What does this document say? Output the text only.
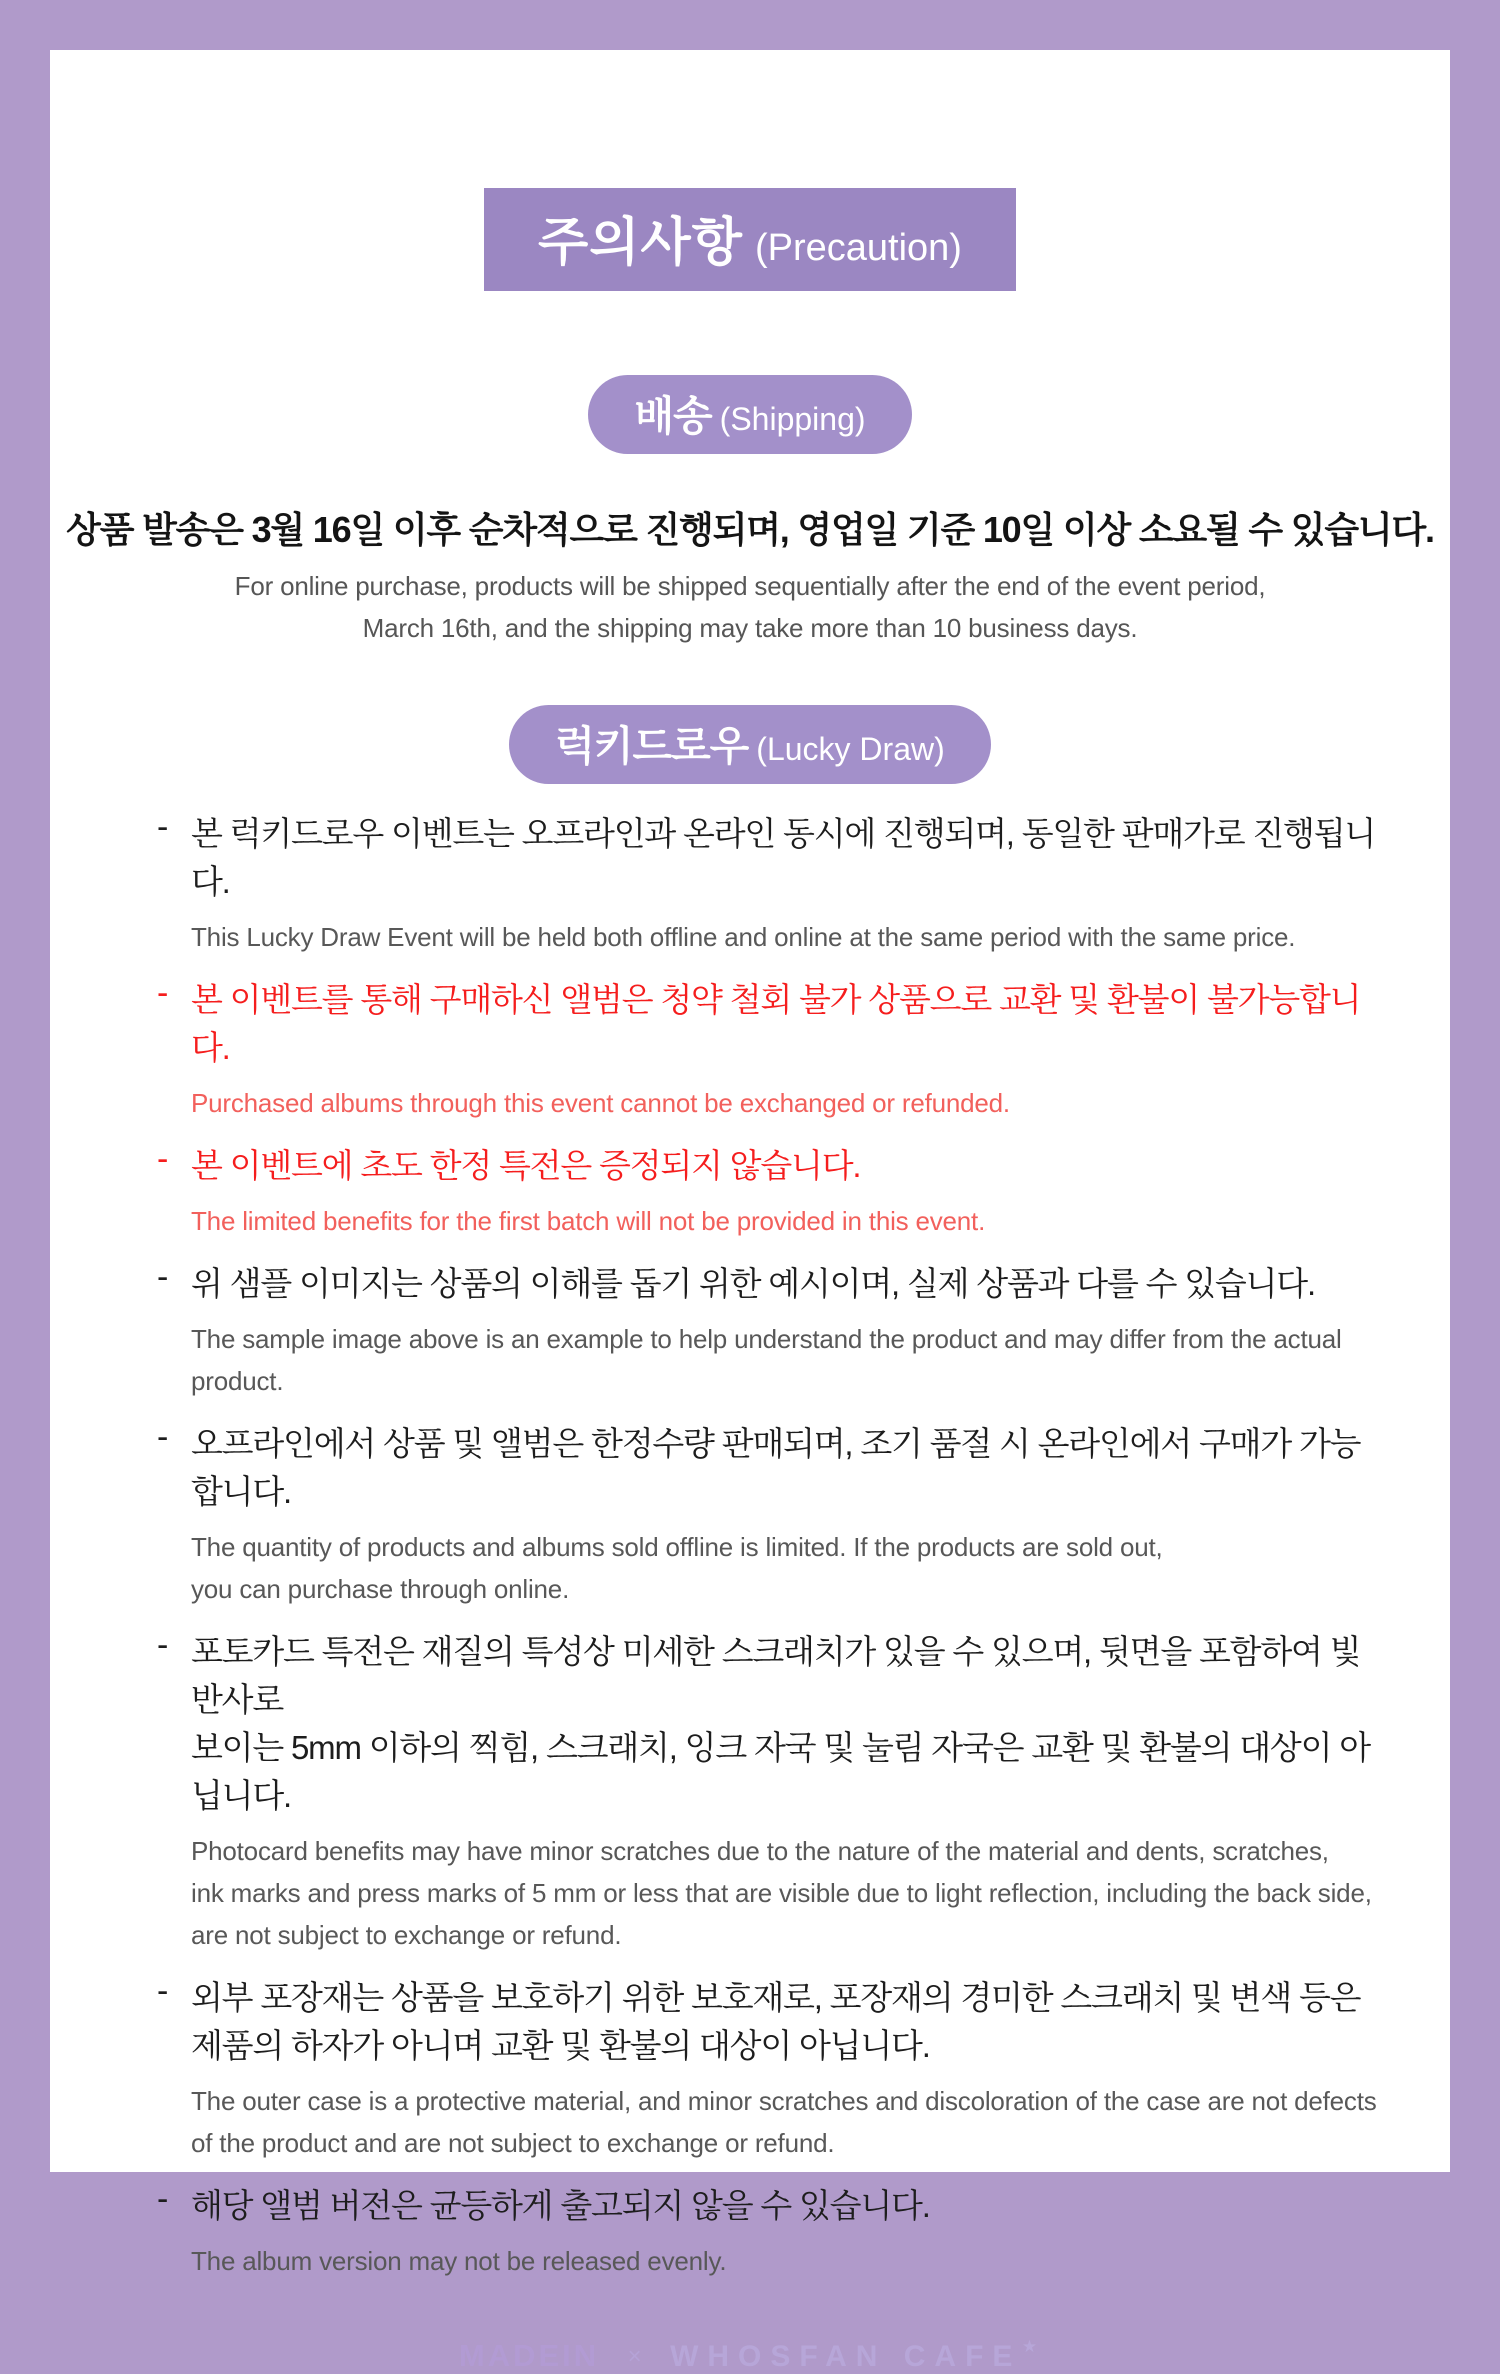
주의사항 (Precaution)
배송 (Shipping)
상품 발송은 3월 16일 이후 순차적으로 진행되며, 영업일 기준 10일 이상 소요될 수 있습니다.
For online purchase, products will be shipped sequentially after the end of the event period,
March 16th, and the shipping may take more than 10 business days.
럭키드로우 (Lucky Draw)
- 본 럭키드로우 이벤트는 오프라인과 온라인 동시에 진행되며, 동일한 판매가로 진행됩니다.
This Lucky Draw Event will be held both offline and online at the same period with the same price.
- 본 이벤트를 통해 구매하신 앨범은 청약 철회 불가 상품으로 교환 및 환불이 불가능합니다.
Purchased albums through this event cannot be exchanged or refunded.
- 본 이벤트에 초도 한정 특전은 증정되지 않습니다.
The limited benefits for the first batch will not be provided in this event.
- 위 샘플 이미지는 상품의 이해를 돕기 위한 예시이며, 실제 상품과 다를 수 있습니다.
The sample image above is an example to help understand the product and may differ from the actual
product.
- 오프라인에서 상품 및 앨범은 한정수량 판매되며, 조기 품절 시 온라인에서 구매가 가능합니다.
The quantity of products and albums sold offline is limited. If the products are sold out,
you can purchase through online.
- 포토카드 특전은 재질의 특성상 미세한 스크래치가 있을 수 있으며, 뒷면을 포함하여 빛 반사로
보이는 5mm 이하의 찍힘, 스크래치, 잉크 자국 및 눌림 자국은 교환 및 환불의 대상이 아닙니다.
Photocard benefits may have minor scratches due to the nature of the material and dents, scratches,
ink marks and press marks of 5 mm or less that are visible due to light reflection, including the back side,
are not subject to exchange or refund.
- 외부 포장재는 상품을 보호하기 위한 보호재로, 포장재의 경미한 스크래치 및 변색 등은
제품의 하자가 아니며 교환 및 환불의 대상이 아닙니다.
The outer case is a protective material, and minor scratches and discoloration of the case are not defects
of the product and are not subject to exchange or refund.
- 해당 앨범 버전은 균등하게 출고되지 않을 수 있습니다.
The album version may not be released evenly.
MADEIN × WHOSFAN CAFE ★
